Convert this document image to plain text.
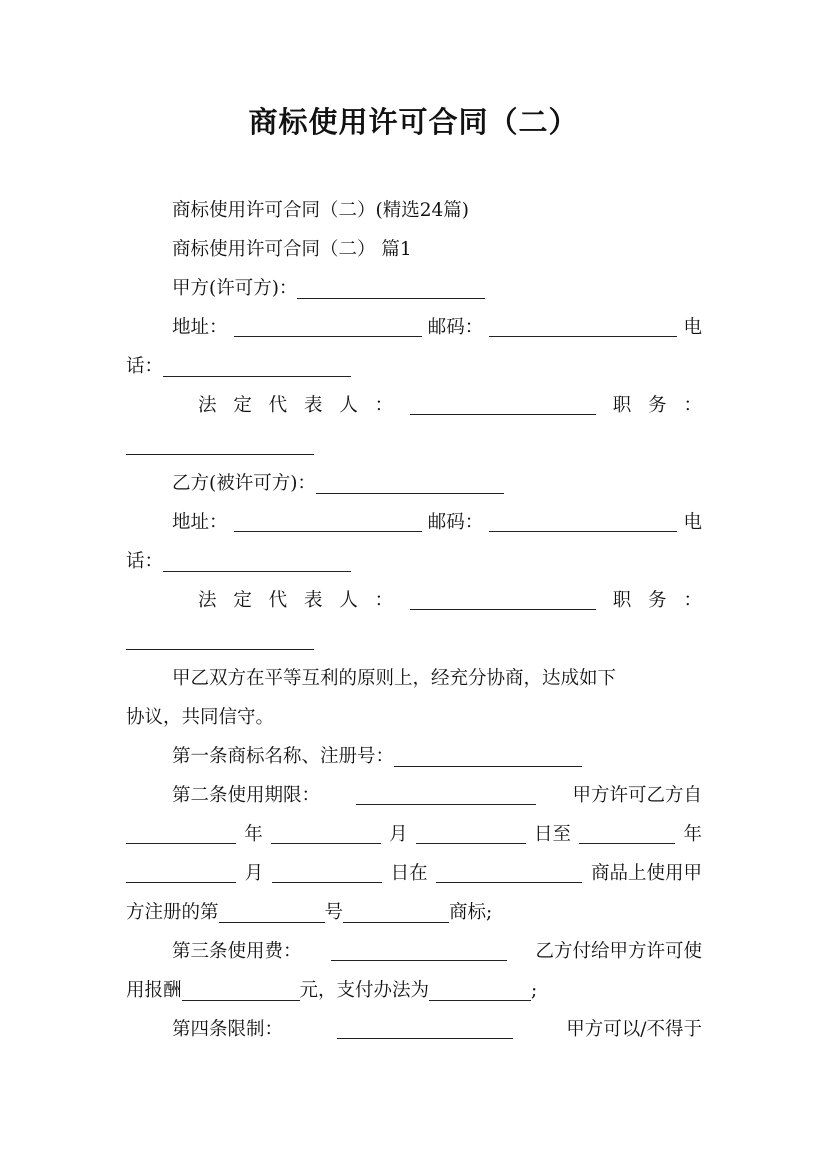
商标使用许可合同（二）
商标使用许可合同（二）(精选24篇)
商标使用许可合同（二） 篇1
甲方(许可方)：
地址：	邮码：	电
话：
法 定 代 表 人 ：	职 务 ：
乙方(被许可方)：
地址：	邮码：	电
话：
法 定 代 表 人 ：	职 务 ：
甲乙双方在平等互利的原则上，经充分协商，达成如下
协议，共同信守。
第一条商标名称、注册号：
第二条使用期限：	甲方许可乙方自
年	月	日至	年
月	日在	商品上使用甲
方注册的第	号	商标;
第三条使用费：	乙方付给甲方许可使
用报酬	元，支付办法为	;
第四条限制：	甲方可以/不得于
